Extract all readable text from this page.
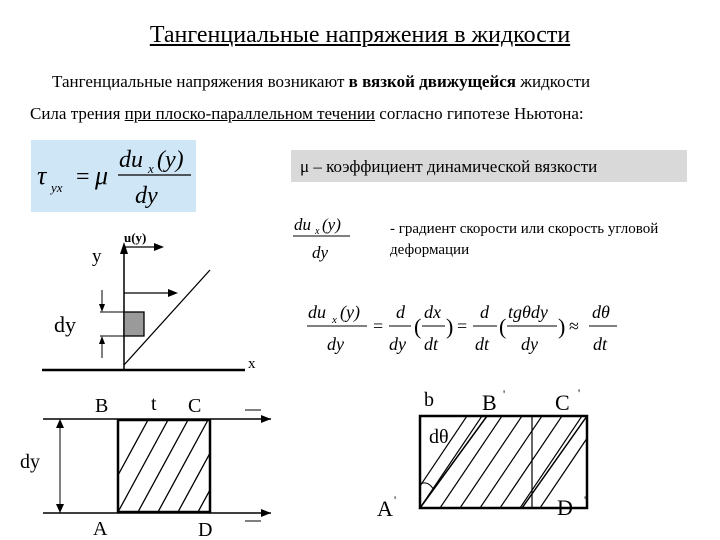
Тангенциальные напряжения в жидкости
Тангенциальные напряжения возникают в вязкой движущейся жидкости
Сила трения при плоско-параллельном течении согласно гипотезе Ньютона:
τ yx = μ
du x (y)
dy
μ – коэффициент динамической вязкости
du x (y)
dy
- градиент скорости или скорость угловой деформации
du x (y)
dy
=
d
dy
(
dx
dt
) =
d
dt
(
tgθdy
dy
) ≈
dθ
dt
y
u(y)
x
dy
B t C
A	D
dy
b B ' C '
A '	D '
dθ
